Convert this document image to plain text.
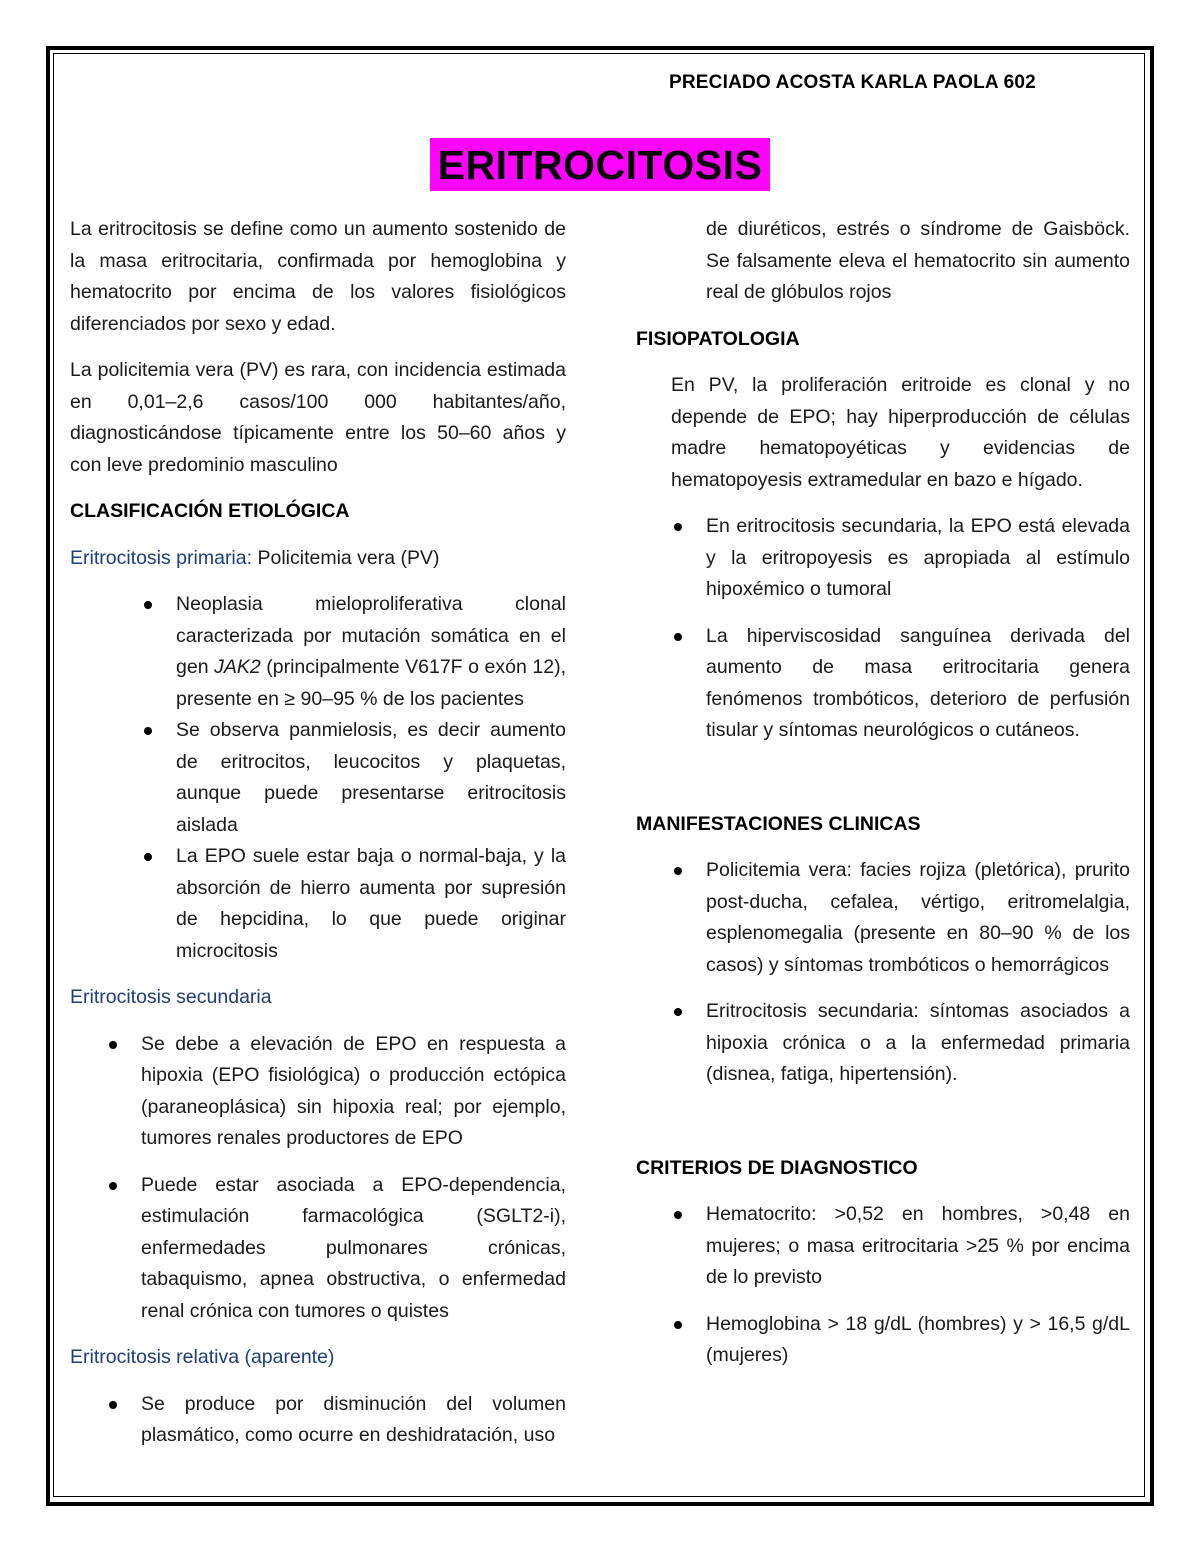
PRECIADO ACOSTA KARLA PAOLA 602
ERITROCITOSIS

La eritrocitosis se define como un aumento sostenido de la masa eritrocitaria, confirmada por hemoglobina y hematocrito por encima de los valores fisiológicos diferenciados por sexo y edad.

La policitemia vera (PV) es rara, con incidencia estimada en 0,01–2,6 casos/100 000 habitantes/año, diagnosticándose típicamente entre los 50–60 años y con leve predominio masculino

CLASIFICACIÓN ETIOLÓGICA
Eritrocitosis primaria: Policitemia vera (PV)
Neoplasia mieloproliferativa clonal caracterizada por mutación somática en el gen JAK2 (principalmente V617F o exón 12), presente en ≥ 90–95 % de los pacientes
Se observa panmielosis, es decir aumento de eritrocitos, leucocitos y plaquetas, aunque puede presentarse eritrocitosis aislada
La EPO suele estar baja o normal-baja, y la absorción de hierro aumenta por supresión de hepcidina, lo que puede originar microcitosis
Eritrocitosis secundaria
Se debe a elevación de EPO en respuesta a hipoxia (EPO fisiológica) o producción ectópica (paraneoplásica) sin hipoxia real; por ejemplo, tumores renales productores de EPO
Puede estar asociada a EPO-dependencia, estimulación farmacológica (SGLT2-i), enfermedades pulmonares crónicas, tabaquismo, apnea obstructiva, o enfermedad renal crónica con tumores o quistes
Eritrocitosis relativa (aparente)
Se produce por disminución del volumen plasmático, como ocurre en deshidratación, uso

de diuréticos, estrés o síndrome de Gaisböck. Se falsamente eleva el hematocrito sin aumento real de glóbulos rojos

FISIOPATOLOGIA

En PV, la proliferación eritroide es clonal y no depende de EPO; hay hiperproducción de células madre hematopoyéticas y evidencias de hematopoyesis extramedular en bazo e hígado.

En eritrocitosis secundaria, la EPO está elevada y la eritropoyesis es apropiada al estímulo hipoxémico o tumoral
La hiperviscosidad sanguínea derivada del aumento de masa eritrocitaria genera fenómenos trombóticos, deterioro de perfusión tisular y síntomas neurológicos o cutáneos.
MANIFESTACIONES CLINICAS
Policitemia vera: facies rojiza (pletórica), prurito post-ducha, cefalea, vértigo, eritromelalgia, esplenomegalia (presente en 80–90 % de los casos) y síntomas trombóticos o hemorrágicos
Eritrocitosis secundaria: síntomas asociados a hipoxia crónica o a la enfermedad primaria (disnea, fatiga, hipertensión).
CRITERIOS DE DIAGNOSTICO
Hematocrito: >0,52 en hombres, >0,48 en mujeres; o masa eritrocitaria >25 % por encima de lo previsto
Hemoglobina > 18 g/dL (hombres) y > 16,5 g/dL (mujeres)
